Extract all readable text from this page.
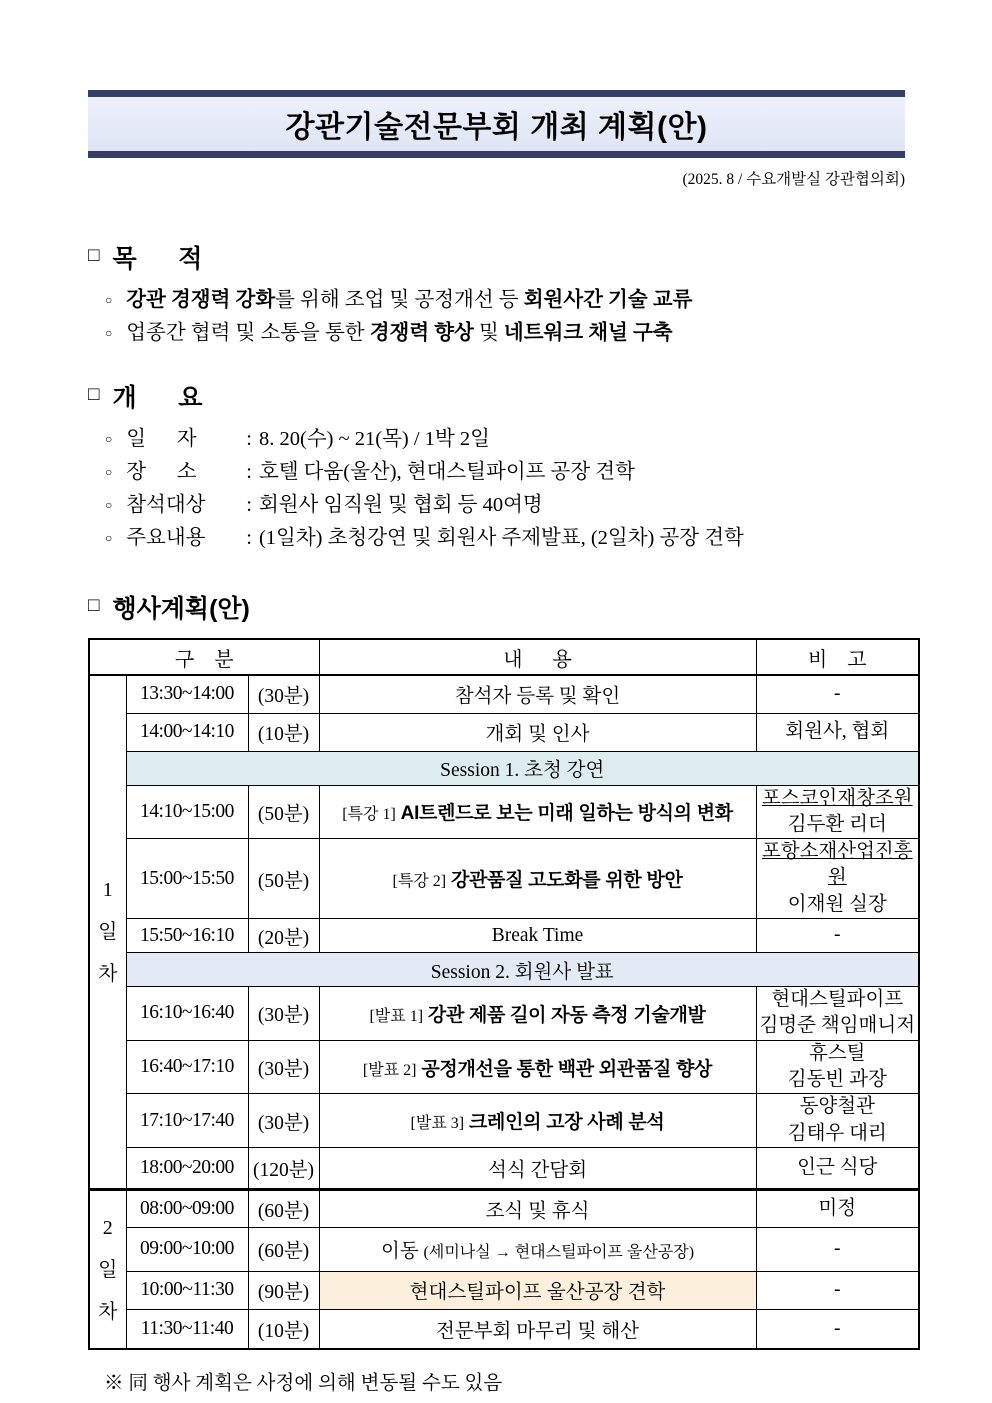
강관기술전문부회 개최 계획(안)
(2025. 8 / 수요개발실 강관협의회)
□ 목      적
○ 강관 경쟁력 강화를 위해 조업 및 공정개선 등 회원사간 기술 교류
○ 업종간 협력 및 소통을 통한 경쟁력 향상 및 네트워크 채널 구축
□ 개      요
○ 일      자 : 8. 20(수) ~ 21(목) / 1박 2일
○ 장      소 : 호텔 다움(울산), 현대스틸파이프 공장 견학
○ 참석대상 : 회원사 임직원 및 협회 등 40여명
○ 주요내용 : (1일차) 초청강연 및 회원사 주제발표, (2일차) 공장 견학
□ 행사계획(안)
구    분			내      용	비    고

1일차	13:30~14:00	(30분)	참석자 등록 및 확인	-
	14:00~14:10	(10분)	개회 및 인사	회원사, 협회
	Session 1. 초청 강연			
	14:10~15:00	(50분)	[특강 1] AI트렌드로 보는 미래 일하는 방식의 변화	포스코인재창조원
김두환 리더

	15:00~15:50	(50분)	[특강 2] 강관품질 고도화를 위한 방안	포항소재산업진흥원
이재원 실장

	15:50~16:10	(20분)	Break Time	-
	Session 2. 회원사 발표			
	16:10~16:40	(30분)	[발표 1] 강관 제품 길이 자동 측정 기술개발	현대스틸파이프
김명준 책임매니저

	16:40~17:10	(30분)	[발표 2] 공정개선을 통한 백관 외관품질 향상	휴스틸
김동빈 과장

	17:10~17:40	(30분)	[발표 3] 크레인의 고장 사례 분석	동양철관
김태우 대리

	18:00~20:00	(120분)	석식 간담회	인근 식당

2일차	08:00~09:00	(60분)	조식 및 휴식	미정
	09:00~10:00	(60분)	이동 (세미나실 → 현대스틸파이프 울산공장)	-
	10:00~11:30	(90분)	현대스틸파이프 울산공장 견학	-
	11:30~11:40	(10분)	전문부회 마무리 및 해산	-
※ 同 행사 계획은 사정에 의해 변동될 수도 있음
